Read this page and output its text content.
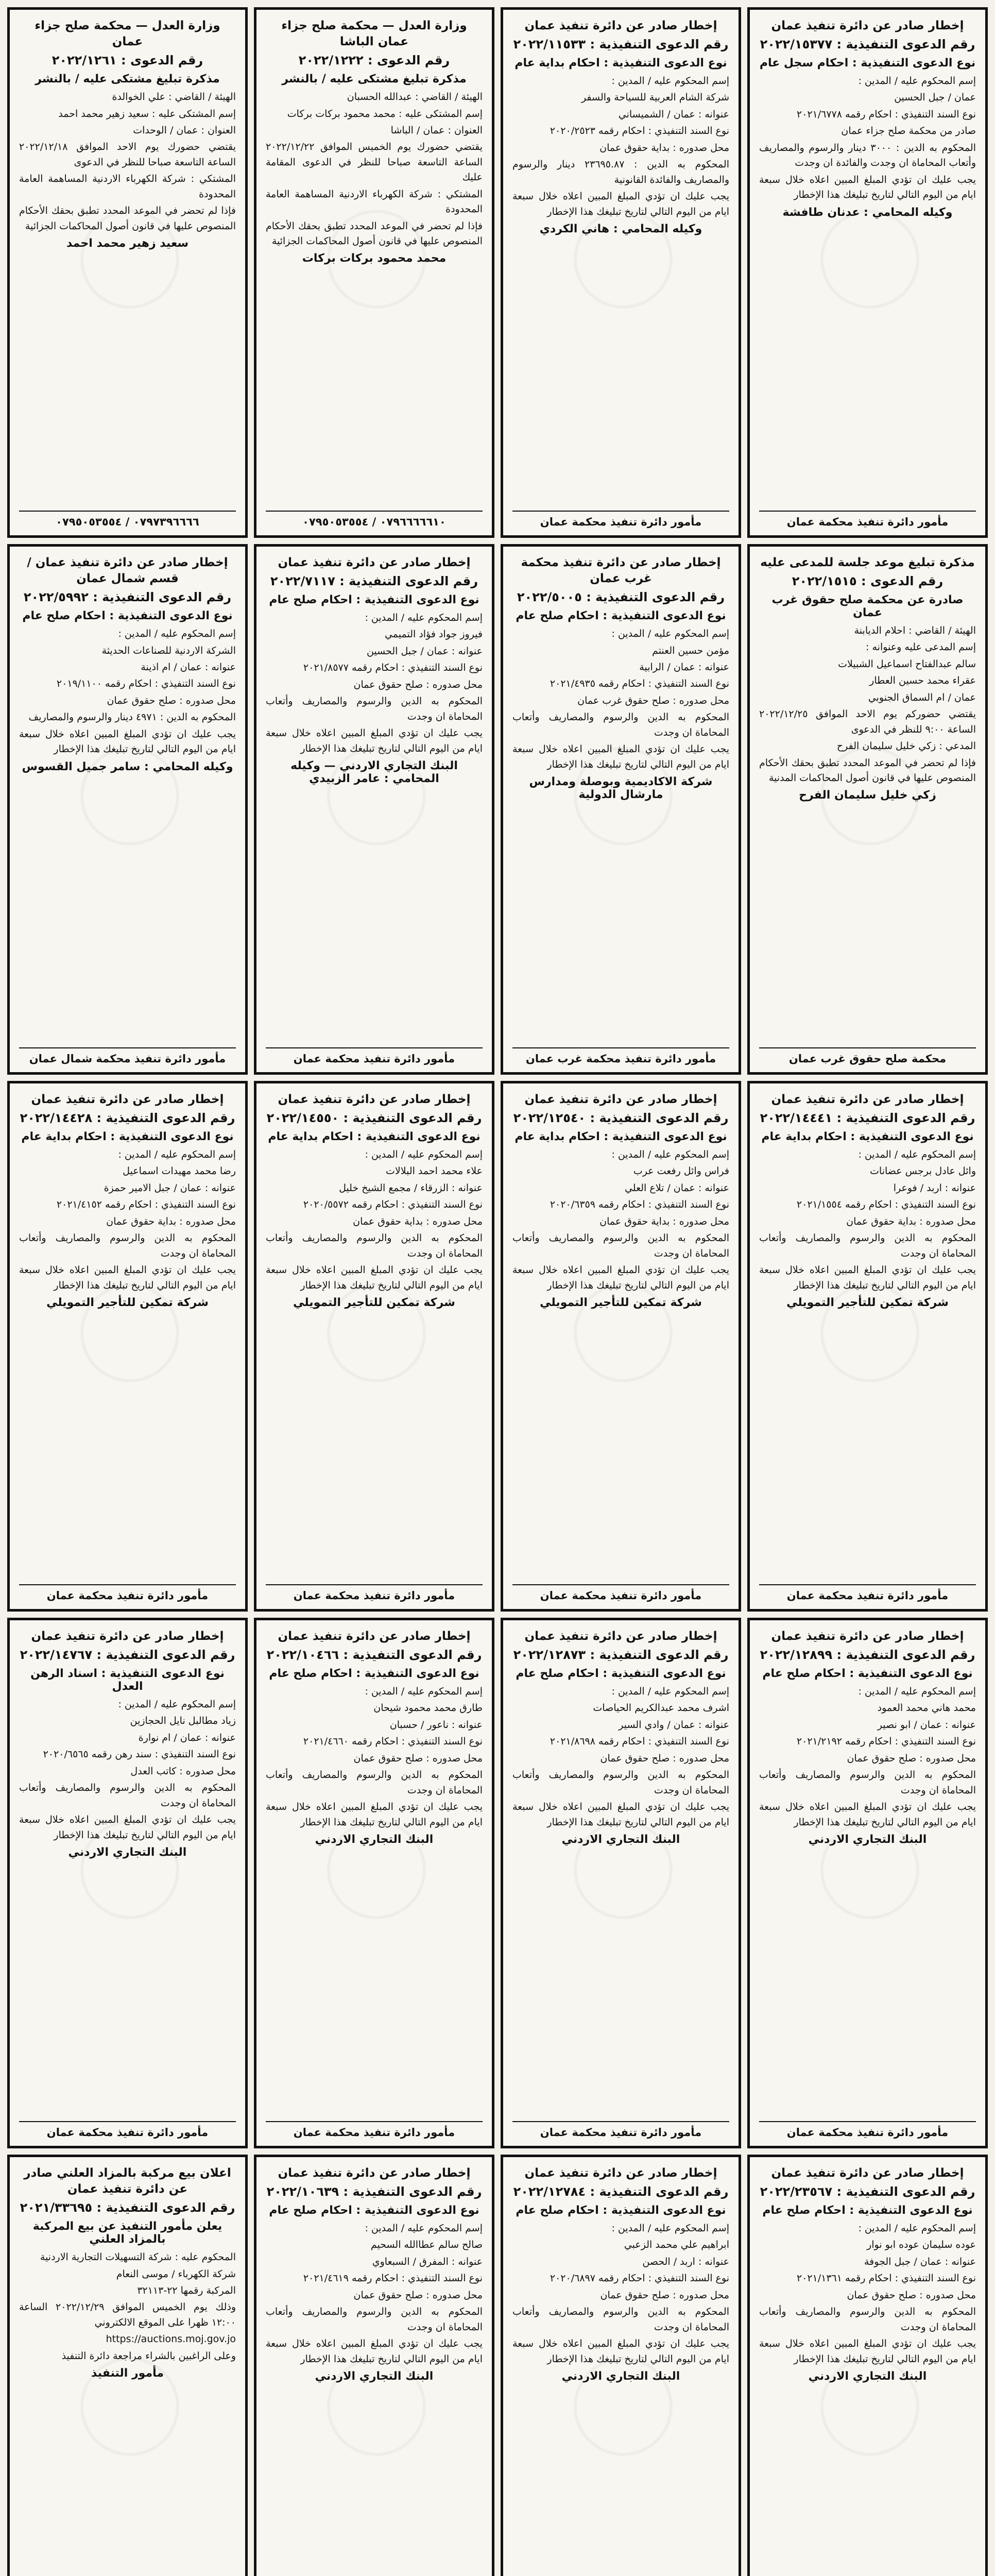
إخطار صادر عن دائرة تنفيذ عمان
رقم الدعوى التنفيذية : ٢٠٢٢/١٥٣٧٧
نوع الدعوى التنفيذية : احكام سجل عام
إسم المحكوم عليه / المدين :
عمان / جبل الحسين
نوع السند التنفيذي : احكام رقمه ٢٠٢١/٦٧٧٨
صادر من محكمة صلح جزاء عمان
المحكوم به الدين : ٣٠٠٠ دينار والرسوم والمصاريف وأتعاب المحاماة ان وجدت والفائدة ان وجدت
يجب عليك ان تؤدي المبلغ المبين اعلاه خلال سبعة ايام من اليوم التالي لتاريخ تبليغك هذا الإخطار
وكيله المحامي : عدنان طافشة
مأمور دائرة تنفيذ محكمة عمان
إخطار صادر عن دائرة تنفيذ عمان
رقم الدعوى التنفيذية : ٢٠٢٢/١١٥٣٣
نوع الدعوى التنفيذية : احكام بداية عام
إسم المحكوم عليه / المدين :
شركة الشام العربية للسياحة والسفر
عنوانه : عمان / الشميساني
نوع السند التنفيذي : احكام رقمه ٢٠٢٠/٢٥٢٣
محل صدوره : بداية حقوق عمان
المحكوم به الدين : ٢٣٦٩٥.٨٧ دينار والرسوم والمصاريف والفائدة القانونية
يجب عليك ان تؤدي المبلغ المبين اعلاه خلال سبعة ايام من اليوم التالي لتاريخ تبليغك هذا الإخطار
وكيله المحامي : هاني الكردي
مأمور دائرة تنفيذ محكمة عمان
وزارة العدل — محكمة صلح جزاء عمان الباشا
رقم الدعوى : ٢٠٢٢/١٢٢٢
مذكرة تبليغ مشتكى عليه / بالنشر
الهيئة / القاضي : عبدالله الحسبان
إسم المشتكى عليه : محمد محمود بركات بركات
العنوان : عمان / الباشا
يقتضي حضورك يوم الخميس الموافق ٢٠٢٢/١٢/٢٢ الساعة التاسعة صباحا للنظر في الدعوى المقامة عليك
المشتكي : شركة الكهرباء الاردنية المساهمة العامة المحدودة
فإذا لم تحضر في الموعد المحدد تطبق بحقك الأحكام المنصوص عليها في قانون أصول المحاكمات الجزائية
محمد محمود بركات بركات
٠٧٩٦٦٦٦٦١٠ / ٠٧٩٥٠٥٣٥٥٤
وزارة العدل — محكمة صلح جزاء عمان
رقم الدعوى : ٢٠٢٢/١٢٦١
مذكرة تبليغ مشتكى عليه / بالنشر
الهيئة / القاضي : علي الخوالدة
إسم المشتكى عليه : سعيد زهير محمد احمد
العنوان : عمان / الوحدات
يقتضي حضورك يوم الاحد الموافق ٢٠٢٢/١٢/١٨ الساعة التاسعة صباحا للنظر في الدعوى
المشتكي : شركة الكهرباء الاردنية المساهمة العامة المحدودة
فإذا لم تحضر في الموعد المحدد تطبق بحقك الأحكام المنصوص عليها في قانون أصول المحاكمات الجزائية
سعيد زهير محمد احمد
٠٧٩٧٣٩٦٦٦٦ / ٠٧٩٥٠٥٣٥٥٤
مذكرة تبليغ موعد جلسة للمدعى عليه
رقم الدعوى : ٢٠٢٢/١٥١٥
صادرة عن محكمة صلح حقوق غرب عمان
الهيئة / القاضي : احلام الديابنة
إسم المدعى عليه وعنوانه :
سالم عبدالفتاح اسماعيل الشبيلات
عقراء محمد حسين العطار
عمان / ام السماق الجنوبي
يقتضي حضوركم يوم الاحد الموافق ٢٠٢٢/١٢/٢٥ الساعة ٩:٠٠ للنظر في الدعوى
المدعي : زكي خليل سليمان الفرح
فإذا لم تحضر في الموعد المحدد تطبق بحقك الأحكام المنصوص عليها في قانون أصول المحاكمات المدنية
زكي خليل سليمان الفرح
محكمة صلح حقوق غرب عمان
إخطار صادر عن دائرة تنفيذ محكمة غرب عمان
رقم الدعوى التنفيذية : ٢٠٢٢/٥٠٠٥
نوع الدعوى التنفيذية : احكام صلح عام
إسم المحكوم عليه / المدين :
مؤمن حسين العنتم
عنوانه : عمان / الرابية
نوع السند التنفيذي : احكام رقمه ٢٠٢١/٤٩٣٥
محل صدوره : صلح حقوق غرب عمان
المحكوم به الدين والرسوم والمصاريف وأتعاب المحاماة ان وجدت
يجب عليك ان تؤدي المبلغ المبين اعلاه خلال سبعة ايام من اليوم التالي لتاريخ تبليغك هذا الإخطار
شركة الاكاديمية وبوصلة ومدارس مارشال الدولية
مأمور دائرة تنفيذ محكمة غرب عمان
إخطار صادر عن دائرة تنفيذ عمان
رقم الدعوى التنفيذية : ٢٠٢٢/٧١١٧
نوع الدعوى التنفيذية : احكام صلح عام
إسم المحكوم عليه / المدين :
فيروز جواد فؤاد التميمي
عنوانه : عمان / جبل الحسين
نوع السند التنفيذي : احكام رقمه ٢٠٢١/٨٥٧٧
محل صدوره : صلح حقوق عمان
المحكوم به الدين والرسوم والمصاريف وأتعاب المحاماة ان وجدت
يجب عليك ان تؤدي المبلغ المبين اعلاه خلال سبعة ايام من اليوم التالي لتاريخ تبليغك هذا الإخطار
البنك التجاري الاردني — وكيله المحامي : عامر الزبيدي
مأمور دائرة تنفيذ محكمة عمان
إخطار صادر عن دائرة تنفيذ عمان / قسم شمال عمان
رقم الدعوى التنفيذية : ٢٠٢٢/٥٩٩٢
نوع الدعوى التنفيذية : احكام صلح عام
إسم المحكوم عليه / المدين :
الشركة الاردنية للصناعات الحديثة
عنوانه : عمان / ام اذينة
نوع السند التنفيذي : احكام رقمه ٢٠١٩/١١٠٠
محل صدوره : صلح حقوق عمان
المحكوم به الدين : ٤٩٧١ دينار والرسوم والمصاريف
يجب عليك ان تؤدي المبلغ المبين اعلاه خلال سبعة ايام من اليوم التالي لتاريخ تبليغك هذا الإخطار
وكيله المحامي : سامر جميل القسوس
مأمور دائرة تنفيذ محكمة شمال عمان
إخطار صادر عن دائرة تنفيذ عمان
رقم الدعوى التنفيذية : ٢٠٢٢/١٤٤٤١
نوع الدعوى التنفيذية : احكام بداية عام
إسم المحكوم عليه / المدين :
وائل عادل برجس عضانات
عنوانه : اربد / فوعرا
نوع السند التنفيذي : احكام رقمه ٢٠٢١/١٥٥٤
محل صدوره : بداية حقوق عمان
المحكوم به الدين والرسوم والمصاريف وأتعاب المحاماة ان وجدت
يجب عليك ان تؤدي المبلغ المبين اعلاه خلال سبعة ايام من اليوم التالي لتاريخ تبليغك هذا الإخطار
شركة تمكين للتأجير التمويلي
مأمور دائرة تنفيذ محكمة عمان
إخطار صادر عن دائرة تنفيذ عمان
رقم الدعوى التنفيذية : ٢٠٢٢/١٢٥٤٠
نوع الدعوى التنفيذية : احكام بداية عام
إسم المحكوم عليه / المدين :
فراس وائل رفعت عرب
عنوانه : عمان / تلاع العلي
نوع السند التنفيذي : احكام رقمه ٢٠٢٠/٦٣٥٩
محل صدوره : بداية حقوق عمان
المحكوم به الدين والرسوم والمصاريف وأتعاب المحاماة ان وجدت
يجب عليك ان تؤدي المبلغ المبين اعلاه خلال سبعة ايام من اليوم التالي لتاريخ تبليغك هذا الإخطار
شركة تمكين للتأجير التمويلي
مأمور دائرة تنفيذ محكمة عمان
إخطار صادر عن دائرة تنفيذ عمان
رقم الدعوى التنفيذية : ٢٠٢٢/١٤٥٥٠
نوع الدعوى التنفيذية : احكام بداية عام
إسم المحكوم عليه / المدين :
علاء محمد احمد البلالات
عنوانه : الزرقاء / مجمع الشيخ خليل
نوع السند التنفيذي : احكام رقمه ٢٠٢٠/٥٥٧٢
محل صدوره : بداية حقوق عمان
المحكوم به الدين والرسوم والمصاريف وأتعاب المحاماة ان وجدت
يجب عليك ان تؤدي المبلغ المبين اعلاه خلال سبعة ايام من اليوم التالي لتاريخ تبليغك هذا الإخطار
شركة تمكين للتأجير التمويلي
مأمور دائرة تنفيذ محكمة عمان
إخطار صادر عن دائرة تنفيذ عمان
رقم الدعوى التنفيذية : ٢٠٢٢/١٤٤٢٨
نوع الدعوى التنفيذية : احكام بداية عام
إسم المحكوم عليه / المدين :
رضا محمد مهيدات اسماعيل
عنوانه : عمان / جبل الامير حمزة
نوع السند التنفيذي : احكام رقمه ٢٠٢١/٤١٥٢
محل صدوره : بداية حقوق عمان
المحكوم به الدين والرسوم والمصاريف وأتعاب المحاماة ان وجدت
يجب عليك ان تؤدي المبلغ المبين اعلاه خلال سبعة ايام من اليوم التالي لتاريخ تبليغك هذا الإخطار
شركة تمكين للتأجير التمويلي
مأمور دائرة تنفيذ محكمة عمان
إخطار صادر عن دائرة تنفيذ عمان
رقم الدعوى التنفيذية : ٢٠٢٢/١٢٨٩٩
نوع الدعوى التنفيذية : احكام صلح عام
إسم المحكوم عليه / المدين :
محمد هاني محمد العمود
عنوانه : عمان / ابو نصير
نوع السند التنفيذي : احكام رقمه ٢٠٢١/٢١٩٢
محل صدوره : صلح حقوق عمان
المحكوم به الدين والرسوم والمصاريف وأتعاب المحاماة ان وجدت
يجب عليك ان تؤدي المبلغ المبين اعلاه خلال سبعة ايام من اليوم التالي لتاريخ تبليغك هذا الإخطار
البنك التجاري الاردني
مأمور دائرة تنفيذ محكمة عمان
إخطار صادر عن دائرة تنفيذ عمان
رقم الدعوى التنفيذية : ٢٠٢٢/١٢٨٧٣
نوع الدعوى التنفيذية : احكام صلح عام
إسم المحكوم عليه / المدين :
اشرف محمد عبدالكريم الحياصات
عنوانه : عمان / وادي السير
نوع السند التنفيذي : احكام رقمه ٢٠٢١/٨٦٩٨
محل صدوره : صلح حقوق عمان
المحكوم به الدين والرسوم والمصاريف وأتعاب المحاماة ان وجدت
يجب عليك ان تؤدي المبلغ المبين اعلاه خلال سبعة ايام من اليوم التالي لتاريخ تبليغك هذا الإخطار
البنك التجاري الاردني
مأمور دائرة تنفيذ محكمة عمان
إخطار صادر عن دائرة تنفيذ عمان
رقم الدعوى التنفيذية : ٢٠٢٢/١٠٤٦٦
نوع الدعوى التنفيذية : احكام صلح عام
إسم المحكوم عليه / المدين :
طارق محمد محمود شيحان
عنوانه : ناعور / حسبان
نوع السند التنفيذي : احكام رقمه ٢٠٢١/٤٦٦٠
محل صدوره : صلح حقوق عمان
المحكوم به الدين والرسوم والمصاريف وأتعاب المحاماة ان وجدت
يجب عليك ان تؤدي المبلغ المبين اعلاه خلال سبعة ايام من اليوم التالي لتاريخ تبليغك هذا الإخطار
البنك التجاري الاردني
مأمور دائرة تنفيذ محكمة عمان
إخطار صادر عن دائرة تنفيذ عمان
رقم الدعوى التنفيذية : ٢٠٢٢/١٤٧٦٧
نوع الدعوى التنفيذية : اسناد الرهن العدل
إسم المحكوم عليه / المدين :
زياد مطالبل نايل الحجازين
عنوانه : عمان / ام نوارة
نوع السند التنفيذي : سند رهن رقمه ٢٠٢٠/٦٥٦٥
محل صدوره : كاتب العدل
المحكوم به الدين والرسوم والمصاريف وأتعاب المحاماة ان وجدت
يجب عليك ان تؤدي المبلغ المبين اعلاه خلال سبعة ايام من اليوم التالي لتاريخ تبليغك هذا الإخطار
البنك التجاري الاردني
مأمور دائرة تنفيذ محكمة عمان
إخطار صادر عن دائرة تنفيذ عمان
رقم الدعوى التنفيذية : ٢٠٢٢/٢٣٥٦٧
نوع الدعوى التنفيذية : احكام صلح عام
إسم المحكوم عليه / المدين :
عوده سليمان عوده ابو نوار
عنوانه : عمان / جبل الجوفة
نوع السند التنفيذي : احكام رقمه ٢٠٢١/١٣٦١
محل صدوره : صلح حقوق عمان
المحكوم به الدين والرسوم والمصاريف وأتعاب المحاماة ان وجدت
يجب عليك ان تؤدي المبلغ المبين اعلاه خلال سبعة ايام من اليوم التالي لتاريخ تبليغك هذا الإخطار
البنك التجاري الاردني
إخطار صادر عن دائرة تنفيذ عمان
رقم الدعوى التنفيذية : ٢٠٢٢/١٢٧٨٤
نوع الدعوى التنفيذية : احكام صلح عام
إسم المحكوم عليه / المدين :
ابراهيم علي محمد الزعبي
عنوانه : اربد / الحصن
نوع السند التنفيذي : احكام رقمه ٢٠٢٠/٦٨٩٧
محل صدوره : صلح حقوق عمان
المحكوم به الدين والرسوم والمصاريف وأتعاب المحاماة ان وجدت
يجب عليك ان تؤدي المبلغ المبين اعلاه خلال سبعة ايام من اليوم التالي لتاريخ تبليغك هذا الإخطار
البنك التجاري الاردني
إخطار صادر عن دائرة تنفيذ عمان
رقم الدعوى التنفيذية : ٢٠٢٢/١٠٦٣٩
نوع الدعوى التنفيذية : احكام صلح عام
إسم المحكوم عليه / المدين :
صالح سالم عطاالله السحيم
عنوانه : المفرق / السبعاوي
نوع السند التنفيذي : احكام رقمه ٢٠٢١/٤٦١٩
محل صدوره : صلح حقوق عمان
المحكوم به الدين والرسوم والمصاريف وأتعاب المحاماة ان وجدت
يجب عليك ان تؤدي المبلغ المبين اعلاه خلال سبعة ايام من اليوم التالي لتاريخ تبليغك هذا الإخطار
البنك التجاري الاردني
اعلان بيع مركبة بالمزاد العلني صادر عن دائرة تنفيذ عمان
رقم الدعوى التنفيذية : ٢٠٢١/٣٣٦٩٥
يعلن مأمور التنفيذ عن بيع المركبة بالمزاد العلني
المحكوم عليه : شركة التسهيلات التجارية الاردنية
شركة الكهرباء / موسى النعام
المركبة رقمها ٢٢-٣٢١١٣
وذلك يوم الخميس الموافق ٢٠٢٢/١٢/٢٩ الساعة ١٢:٠٠ ظهرا على الموقع الالكتروني
https://auctions.moj.gov.jo
وعلى الراغبين بالشراء مراجعة دائرة التنفيذ
مأمور التنفيذ
